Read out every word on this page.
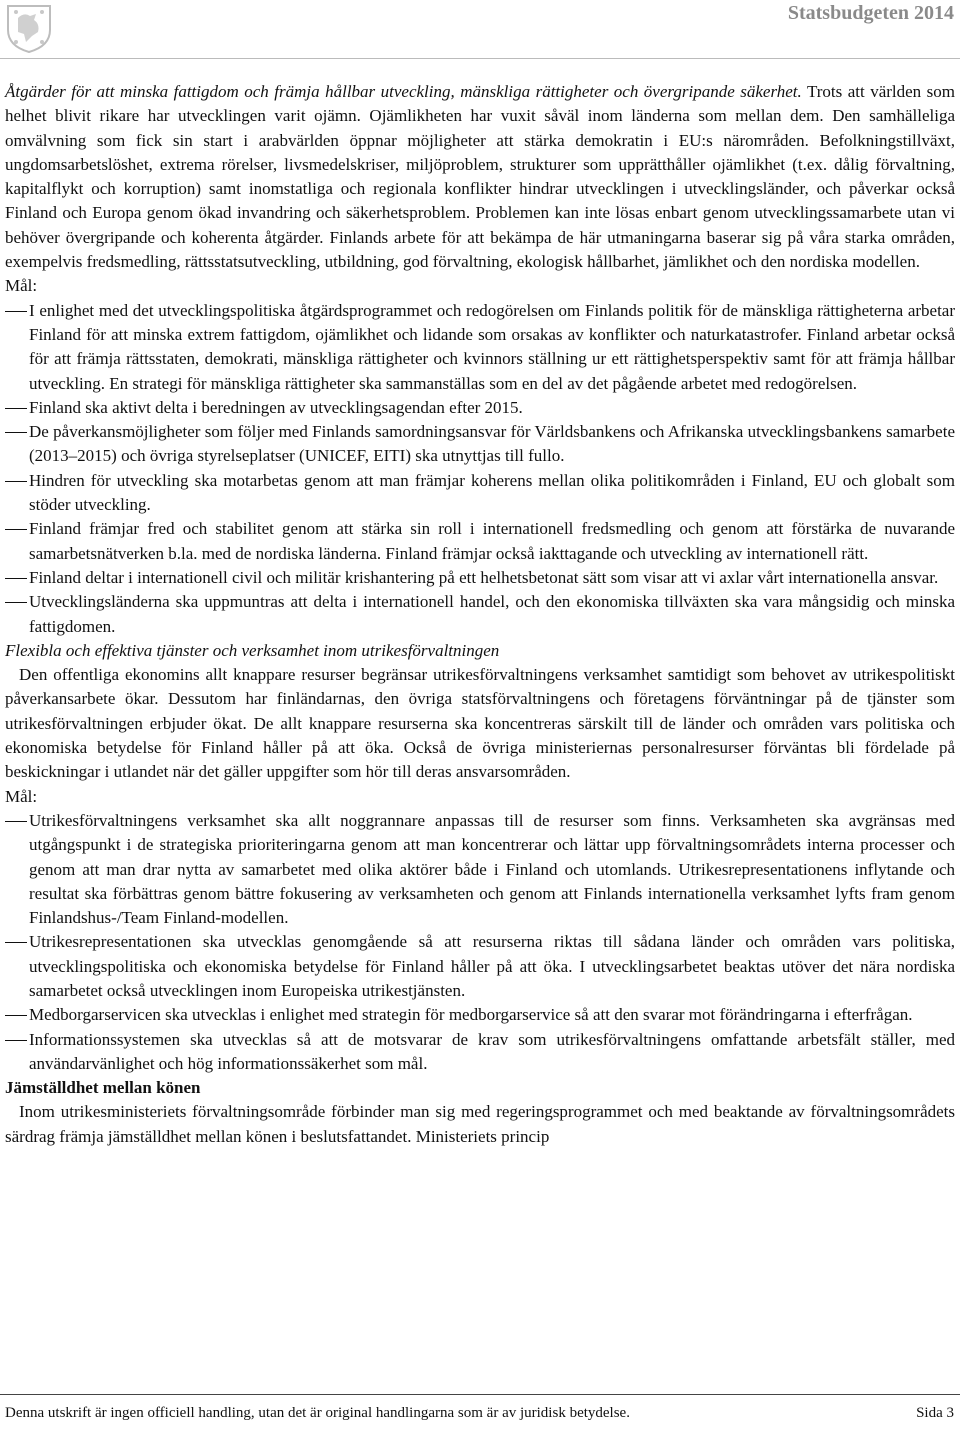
Statsbudgeten 2014

Åtgärder för att minska fattigdom och främja hållbar utveckling, mänskliga rättigheter och övergripande säkerhet. Trots att världen som helhet blivit rikare har utvecklingen varit ojämn. Ojämlikheten har vuxit såväl inom länderna som mellan dem. Den samhälleliga omvälvning som fick sin start i arabvärlden öppnar möjligheter att stärka demokratin i EU:s närområden. Befolkningstillväxt, ungdomsarbetslöshet, extrema rörelser, livsmedelskriser, miljöproblem, strukturer som upprätthåller ojämlikhet (t.ex. dålig förvaltning, kapitalflykt och korruption) samt inomstatliga och regionala konflikter hindrar utvecklingen i utvecklingsländer, och påverkar också Finland och Europa genom ökad invandring och säkerhetsproblem. Problemen kan inte lösas enbart genom utvecklingssamarbete utan vi behöver övergripande och koherenta åtgärder. Finlands arbete för att bekämpa de här utmaningarna baserar sig på våra starka områden, exempelvis fredsmedling, rättsstatsutveckling, utbildning, god förvaltning, ekologisk hållbarhet, jämlikhet och den nordiska modellen.

Mål:

I enlighet med det utvecklingspolitiska åtgärdsprogrammet och redogörelsen om Finlands politik för de mänskliga rättigheterna arbetar Finland för att minska extrem fattigdom, ojämlikhet och lidande som orsakas av konflikter och naturkatastrofer. Finland arbetar också för att främja rättsstaten, demokrati, mänskliga rättigheter och kvinnors ställning ur ett rättighetsperspektiv samt för att främja hållbar utveckling. En strategi för mänskliga rättigheter ska sammanställas som en del av det pågående arbetet med redogörelsen.
Finland ska aktivt delta i beredningen av utvecklingsagendan efter 2015.
De påverkansmöjligheter som följer med Finlands samordningsansvar för Världsbankens och Afrikanska utvecklingsbankens samarbete (2013–2015) och övriga styrelseplatser (UNICEF, EITI) ska utnyttjas till fullo.
Hindren för utveckling ska motarbetas genom att man främjar koherens mellan olika politikområden i Finland, EU och globalt som stöder utveckling.
Finland främjar fred och stabilitet genom att stärka sin roll i internationell fredsmedling och genom att förstärka de nuvarande samarbetsnätverken b.la. med de nordiska länderna. Finland främjar också iakttagande och utveckling av internationell rätt.
Finland deltar i internationell civil och militär krishantering på ett helhetsbetonat sätt som visar att vi axlar vårt internationella ansvar.
Utvecklingsländerna ska uppmuntras att delta i internationell handel, och den ekonomiska tillväxten ska vara mångsidig och minska fattigdomen.

Flexibla och effektiva tjänster och verksamhet inom utrikesförvaltningen

Den offentliga ekonomins allt knappare resurser begränsar utrikesförvaltningens verksamhet samtidigt som behovet av utrikespolitiskt påverkansarbete ökar. Dessutom har finländarnas, den övriga statsförvaltningens och företagens förväntningar på de tjänster som utrikesförvaltningen erbjuder ökat. De allt knappare resurserna ska koncentreras särskilt till de länder och områden vars politiska och ekonomiska betydelse för Finland håller på att öka. Också de övriga ministeriernas personalresurser förväntas bli fördelade på beskickningar i utlandet när det gäller uppgifter som hör till deras ansvarsområden.

Mål:

Utrikesförvaltningens verksamhet ska allt noggrannare anpassas till de resurser som finns. Verksamheten ska avgränsas med utgångspunkt i de strategiska prioriteringarna genom att man koncentrerar och lättar upp förvaltningsområdets interna processer och genom att man drar nytta av samarbetet med olika aktörer både i Finland och utomlands. Utrikesrepresentationens inflytande och resultat ska förbättras genom bättre fokusering av verksamheten och genom att Finlands internationella verksamhet lyfts fram genom Finlandshus-/Team Finland-modellen.
Utrikesrepresentationen ska utvecklas genomgående så att resurserna riktas till sådana länder och områden vars politiska, utvecklingspolitiska och ekonomiska betydelse för Finland håller på att öka. I utvecklingsarbetet beaktas utöver det nära nordiska samarbetet också utvecklingen inom Europeiska utrikestjänsten.
Medborgarservicen ska utvecklas i enlighet med strategin för medborgarservice så att den svarar mot förändringarna i efterfrågan.
Informationssystemen ska utvecklas så att de motsvarar de krav som utrikesförvaltningens omfattande arbetsfält ställer, med användarvänlighet och hög informationssäkerhet som mål.

Jämställdhet mellan könen

Inom utrikesministeriets förvaltningsområde förbinder man sig med regeringsprogrammet och med beaktande av förvaltningsområdets särdrag främja jämställdhet mellan könen i beslutsfattandet. Ministeriets princip

Denna utskrift är ingen officiell handling, utan det är original handlingarna som är av juridisk betydelse.	Sida 3
